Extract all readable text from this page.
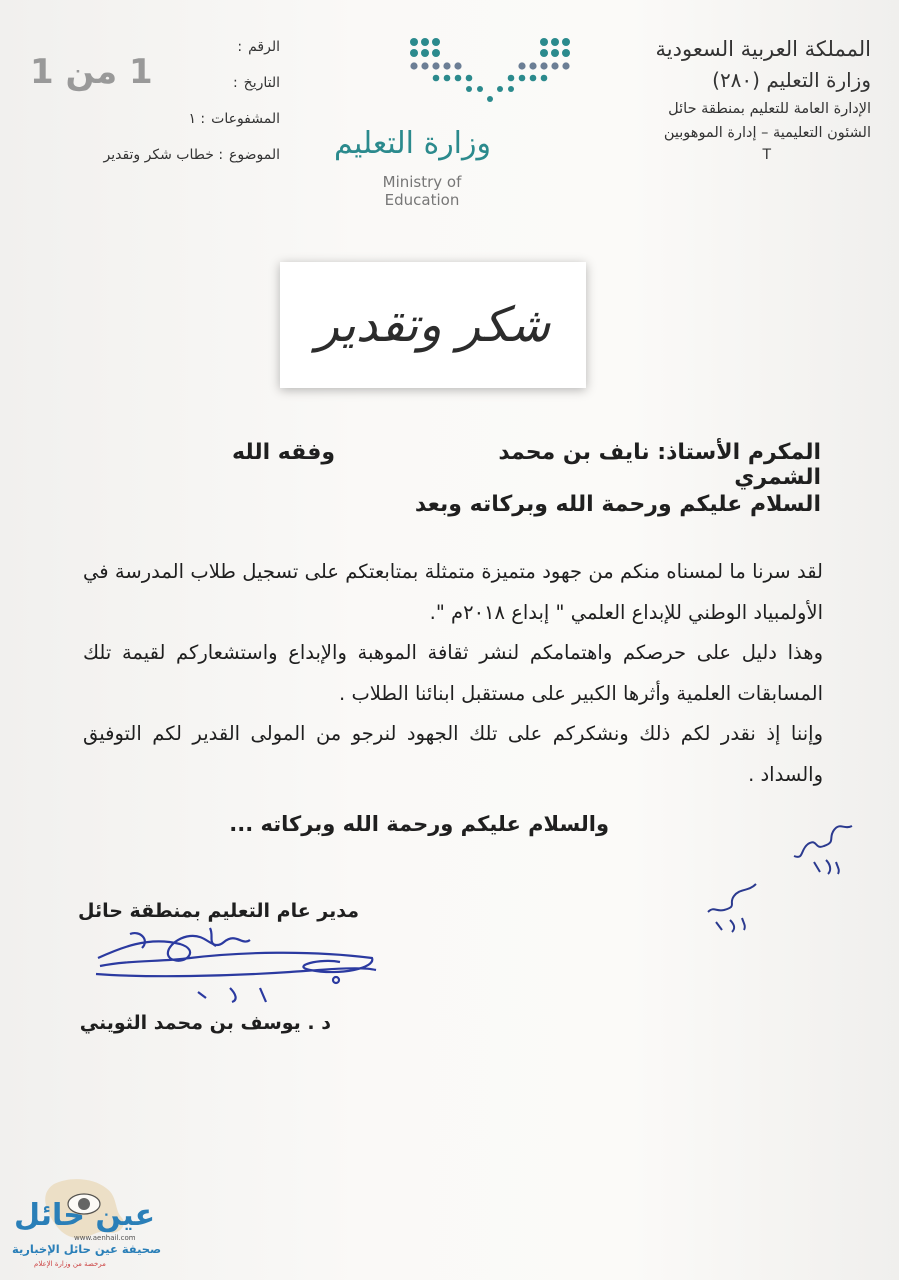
المملكة العربية السعودية
وزارة التعليم (٢٨٠)
الإدارة العامة للتعليم بمنطقة حائل
الشئون التعليمية – إدارة الموهوبين
T
وزارة التعليم
Ministry of Education
الرقم
:
التاريخ
:
المشفوعات
: ١
الموضوع
: خطاب شكر وتقدير
1 من 1
شكر وتقدير
المكرم الأستاذ: نايف بن محمد الشمري
وفقه الله
السلام عليكم ورحمة الله وبركاته وبعد
لقد سرنا ما لمسناه منكم من جهود متميزة متمثلة بمتابعتكم على تسجيل طلاب المدرسة في الأولمبياد الوطني للإبداع العلمي " إبداع ٢٠١٨م ".
وهذا دليل على حرصكم واهتمامكم لنشر ثقافة الموهبة والإبداع واستشعاركم لقيمة تلك المسابقات العلمية وأثرها الكبير على مستقبل ابنائنا الطلاب .
وإننا إذ نقدر لكم ذلك ونشكركم على تلك الجهود لنرجو من المولى القدير لكم التوفيق والسداد .
والسلام عليكم ورحمة الله وبركاته ...
مدير عام التعليم بمنطقة حائل
د . يوسف بن محمد الثويني
عين حائل
www.aenhail.com
صحيفة عين حائل الإخبارية
مرخصة من وزارة الإعلام
